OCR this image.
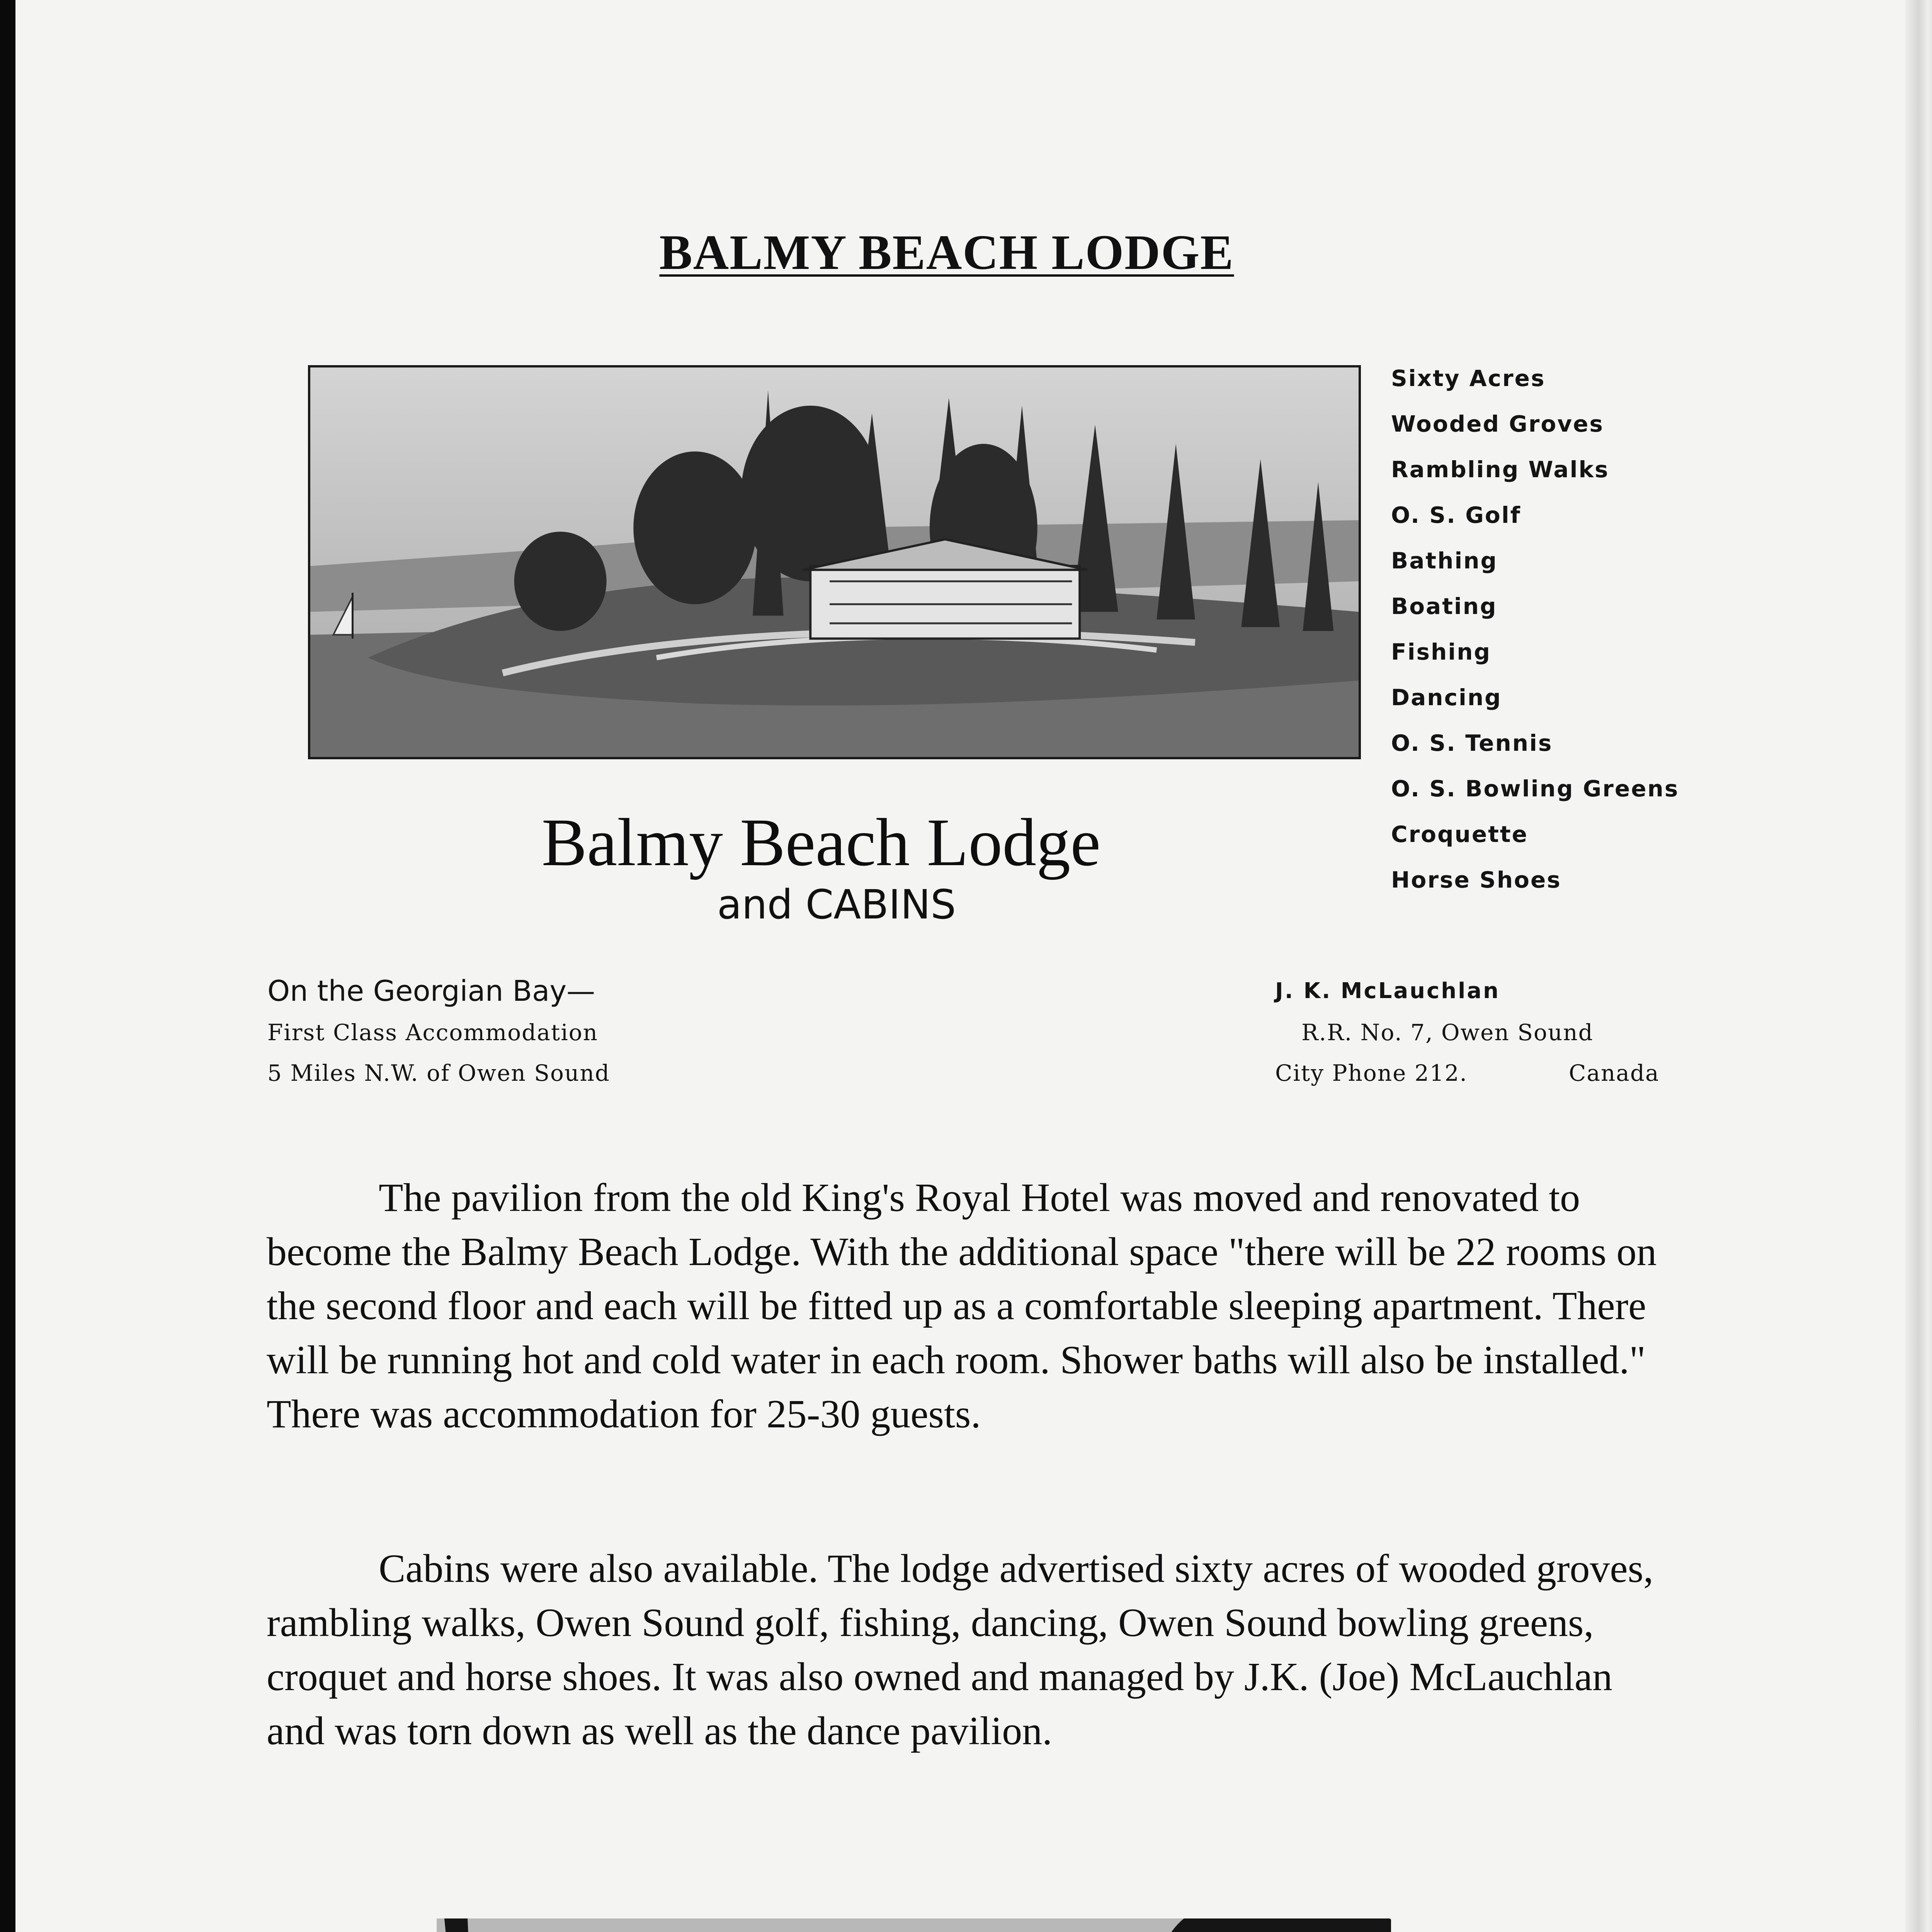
BALMY BEACH LODGE
Sixty Acres
Wooded Groves
Rambling Walks
O. S. Golf
Bathing
Boating
Fishing
Dancing
O. S. Tennis
O. S. Bowling Greens
Croquette
Horse Shoes
Balmy Beach Lodge
and CABINS
On the Georgian Bay—
First Class Accommodation
5 Miles N.W. of Owen Sound
J. K. McLauchlan
R.R. No. 7, Owen Sound
City Phone 212.	Canada

The pavilion from the old King's Royal Hotel was moved and renovated to become the Balmy Beach Lodge. With the additional space "there will be 22 rooms on the second floor and each will be fitted up as a comfortable sleeping apartment. There will be running hot and cold water in each room. Shower baths will also be installed." There was accommodation for 25-30 guests.

Cabins were also available. The lodge advertised sixty acres of wooded groves, rambling walks, Owen Sound golf, fishing, dancing, Owen Sound bowling greens, croquet and horse shoes. It was also owned and managed by J.K. (Joe) McLauchlan and was torn down as well as the dance pavilion.
